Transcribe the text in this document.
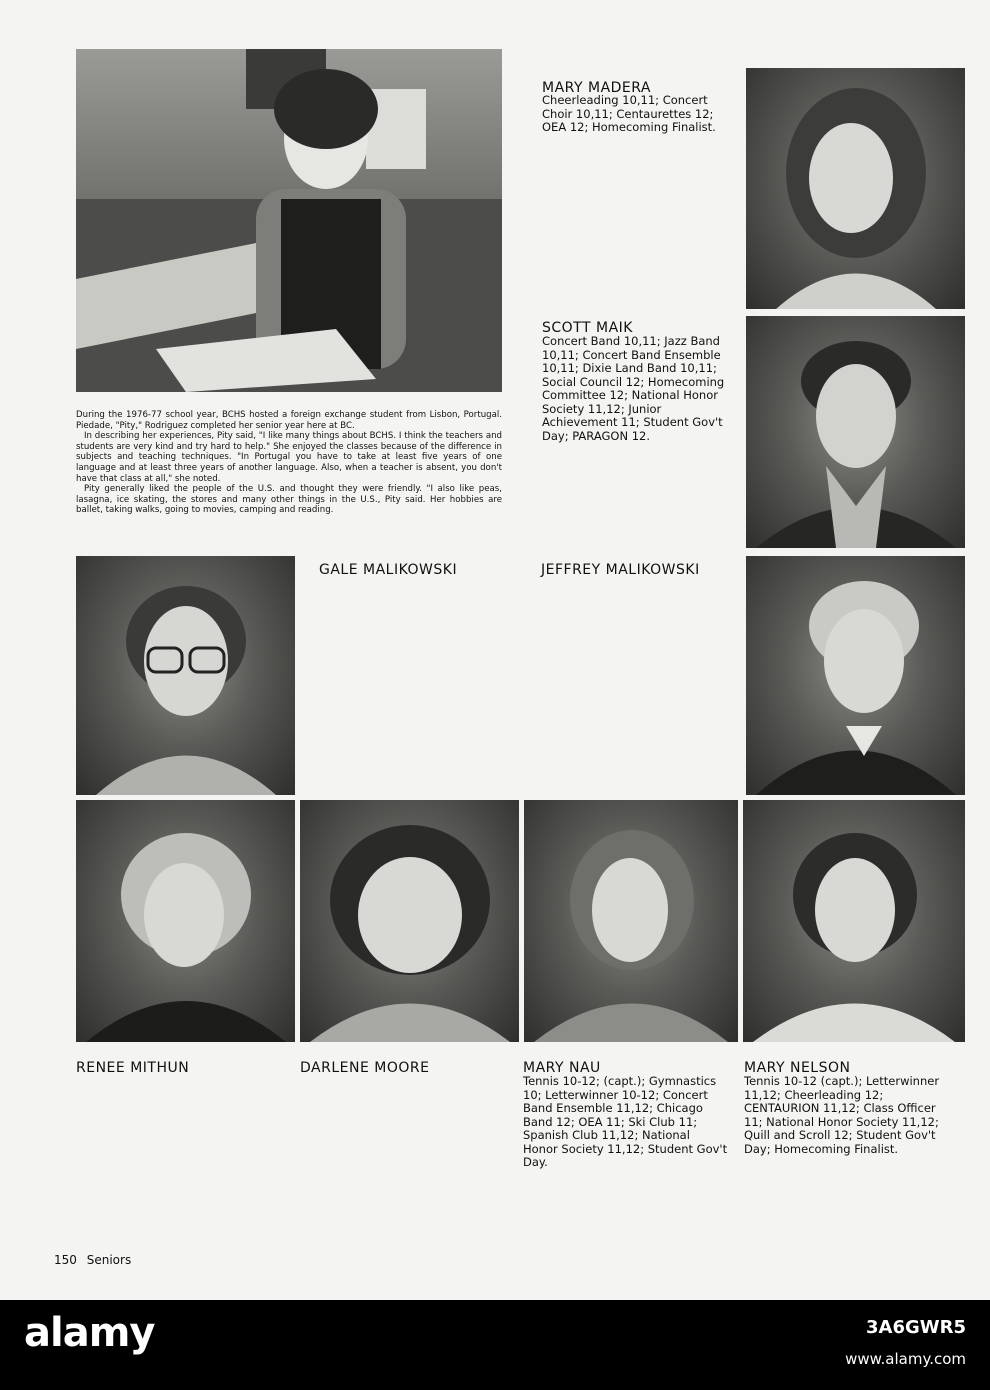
During the 1976-77 school year, BCHS hosted a foreign exchange student from Lisbon, Portugal. Piedade, "Pity," Rodriguez completed her senior year here at BC.

In describing her experiences, Pity said, "I like many things about BCHS. I think the teachers and students are very kind and try hard to help." She enjoyed the classes because of the difference in subjects and teaching techniques. "In Portugal you have to take at least five years of one language and at least three years of another language. Also, when a teacher is absent, you don't have that class at all," she noted.

Pity generally liked the people of the U.S. and thought they were friendly. "I also like peas, lasagna, ice skating, the stores and many other things in the U.S., Pity said. Her hobbies are ballet, taking walks, going to movies, camping and reading.

MARY MADERA
Cheerleading 10,11; Concert Choir 10,11; Centaurettes 12; OEA 12; Homecoming Finalist.
SCOTT MAIK
Concert Band 10,11; Jazz Band 10,11; Concert Band Ensemble 10,11; Dixie Land Band 10,11; Social Council 12; Homecoming Committee 12; National Honor Society 11,12; Junior Achievement 11; Student Gov't Day; PARAGON 12.
GALE MALIKOWSKI	JEFFREY MALIKOWSKI
RENEE MITHUN	DARLENE MOORE	MARY NAU
Tennis 10-12; (capt.); Gymnastics 10; Letterwinner 10-12; Concert Band Ensemble 11,12; Chicago Band 12; OEA 11; Ski Club 11; Spanish Club 11,12; National Honor Society 11,12; Student Gov't Day.
MARY NELSON
Tennis 10-12 (capt.); Letterwinner 11,12; Cheerleading 12; CENTAURION 11,12; Class Officer 11; National Honor Society 11,12; Quill and Scroll 12; Student Gov't Day; Homecoming Finalist.
150 Seniors
alamy	3A6GWR5
www.alamy.com
